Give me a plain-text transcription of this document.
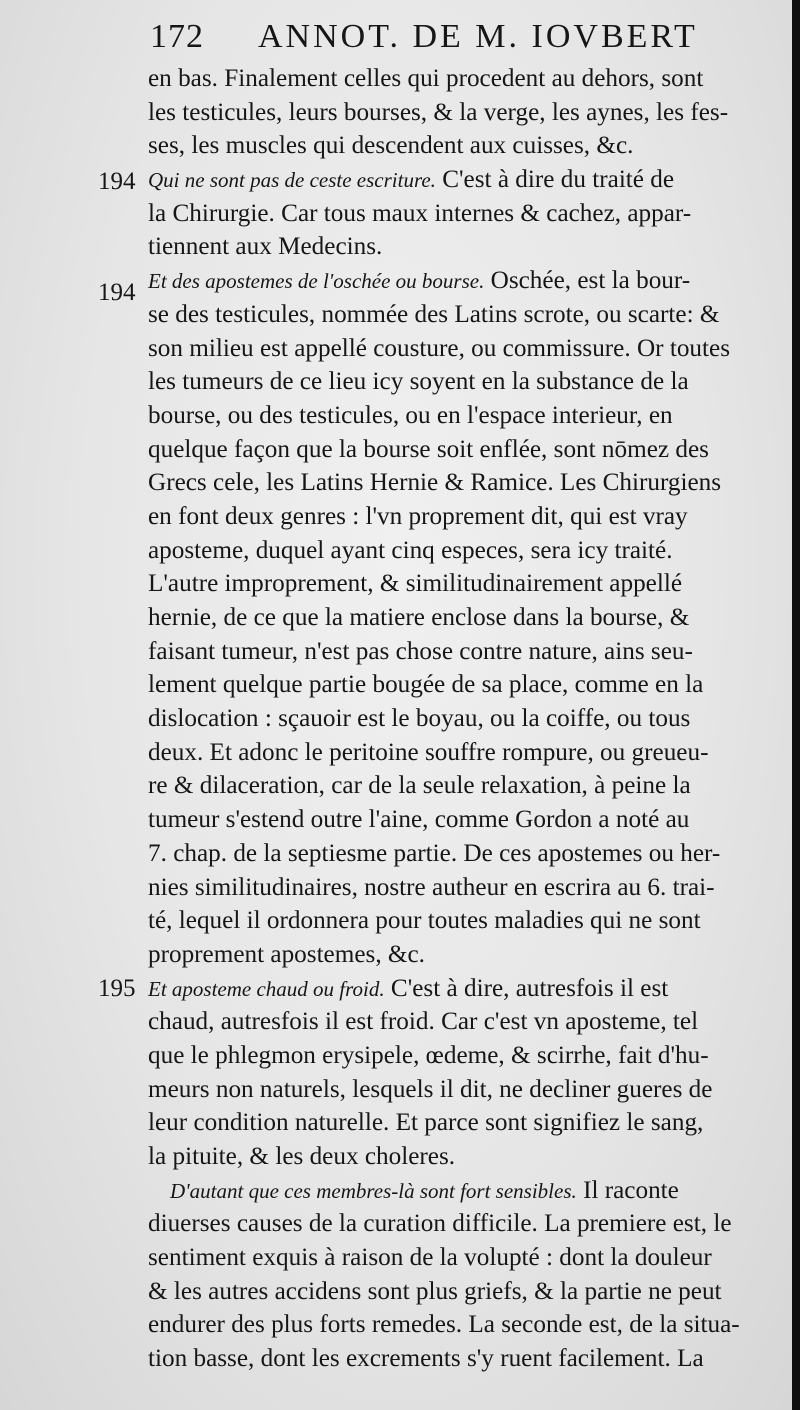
172 ANNOT. DE M. IOVBERT
en bas. Finalement celles qui procedent au dehors, sont
les testicules, leurs bourses, & la verge, les aynes, les fes-
ses, les muscles qui descendent aux cuisses, &c.
194 Qui ne sont pas de ceste escriture. C'est à dire du traité de
la Chirurgie. Car tous maux internes & cachez, appar-
tiennent aux Medecins.
194 Et des apostemes de l'oschée ou bourse. Oschée, est la bour-
se des testicules, nommée des Latins scrote, ou scarte: &
son milieu est appellé cousture, ou commissure. Or toutes
les tumeurs de ce lieu icy soyent en la substance de la
bourse, ou des testicules, ou en l'espace interieur, en
quelque façon que la bourse soit enflée, sont nōmez des
Grecs cele, les Latins Hernie & Ramice. Les Chirurgiens
en font deux genres : l'vn proprement dit, qui est vray
aposteme, duquel ayant cinq especes, sera icy traité.
L'autre improprement, & similitudinairement appellé
hernie, de ce que la matiere enclose dans la bourse, &
faisant tumeur, n'est pas chose contre nature, ains seu-
lement quelque partie bougée de sa place, comme en la
dislocation : sçauoir est le boyau, ou la coiffe, ou tous
deux. Et adonc le peritoine souffre rompure, ou greueu-
re & dilaceration, car de la seule relaxation, à peine la
tumeur s'estend outre l'aine, comme Gordon a noté au
7. chap. de la septiesme partie. De ces apostemes ou her-
nies similitudinaires, nostre autheur en escrira au 6. trai-
té, lequel il ordonnera pour toutes maladies qui ne sont
proprement apostemes, &c.
195 Et aposteme chaud ou froid. C'est à dire, autresfois il est
chaud, autresfois il est froid. Car c'est vn aposteme, tel
que le phlegmon erysipele, œdeme, & scirrhe, fait d'hu-
meurs non naturels, lesquels il dit, ne decliner gueres de
leur condition naturelle. Et parce sont signifiez le sang,
la pituite, & les deux choleres.
D'autant que ces membres-là sont fort sensibles. Il raconte
diuerses causes de la curation difficile. La premiere est, le
sentiment exquis à raison de la volupté : dont la douleur
& les autres accidens sont plus griefs, & la partie ne peut
endurer des plus forts remedes. La seconde est, de la situa-
tion basse, dont les excrements s'y ruent facilement. La
